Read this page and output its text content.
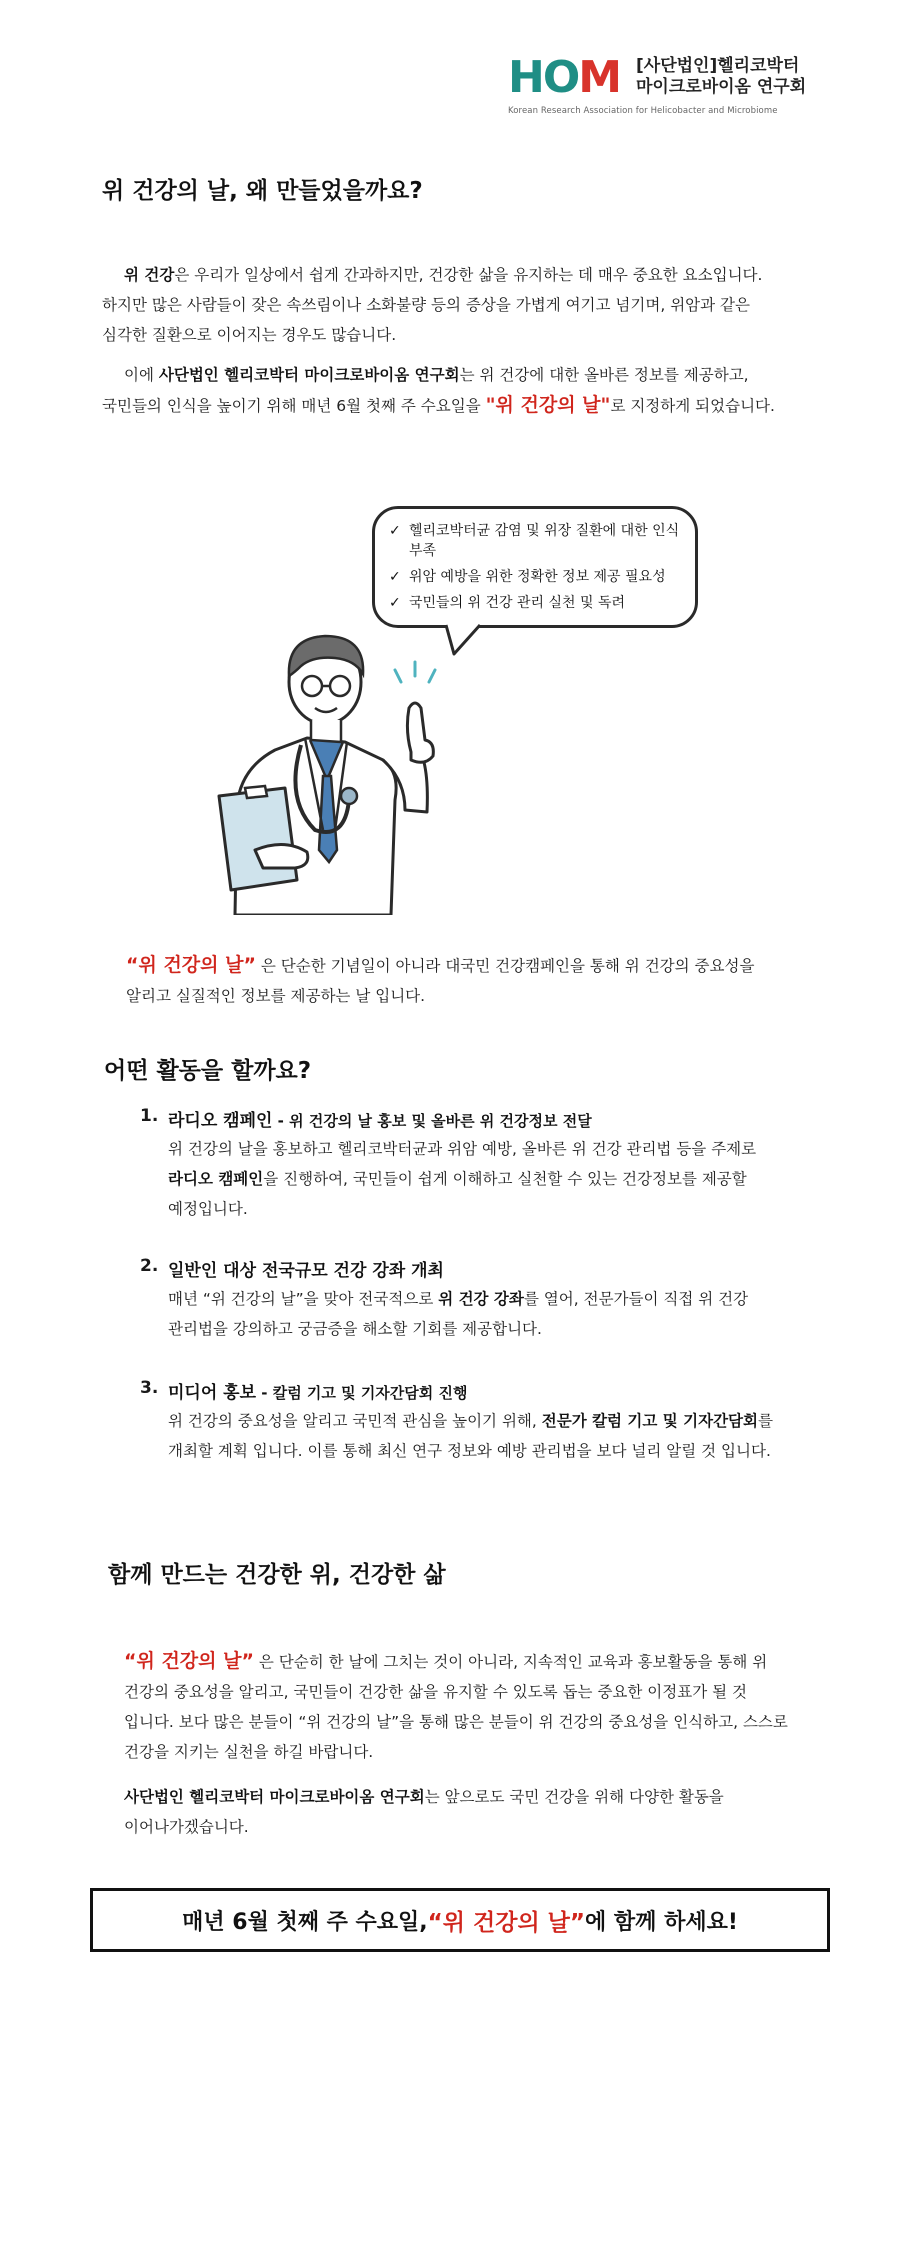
HOM [사단법인]헬리코박터
마이크로바이옴 연구회
Korean Research Association for Helicobacter and Microbiome
위 건강의 날, 왜 만들었을까요?
위 건강은 우리가 일상에서 쉽게 간과하지만, 건강한 삶을 유지하는 데 매우 중요한 요소입니다. 하지만 많은 사람들이 잦은 속쓰림이나 소화불량 등의 증상을 가볍게 여기고 넘기며, 위암과 같은 심각한 질환으로 이어지는 경우도 많습니다.
이에 사단법인 헬리코박터 마이크로바이옴 연구회는 위 건강에 대한 올바른 정보를 제공하고, 국민들의 인식을 높이기 위해 매년 6월 첫째 주 수요일을 "위 건강의 날"로 지정하게 되었습니다.
✓ 헬리코박터균 감염 및 위장 질환에 대한 인식 부족
✓ 위암 예방을 위한 정확한 정보 제공 필요성
✓ 국민들의 위 건강 관리 실천 및 독려
“위 건강의 날” 은 단순한 기념일이 아니라 대국민 건강캠페인을 통해 위 건강의 중요성을 알리고 실질적인 정보를 제공하는 날 입니다.
어떤 활동을 할까요?
1. 라디오 캠페인 - 위 건강의 날 홍보 및 올바른 위 건강정보 전달
위 건강의 날을 홍보하고 헬리코박터균과 위암 예방, 올바른 위 건강 관리법 등을 주제로 라디오 캠페인을 진행하여, 국민들이 쉽게 이해하고 실천할 수 있는 건강정보를 제공할 예정입니다.
2. 일반인 대상 전국규모 건강 강좌 개최
매년 “위 건강의 날”을 맞아 전국적으로 위 건강 강좌를 열어, 전문가들이 직접 위 건강 관리법을 강의하고 궁금증을 해소할 기회를 제공합니다.
3. 미디어 홍보 - 칼럼 기고 및 기자간담회 진행
위 건강의 중요성을 알리고 국민적 관심을 높이기 위해, 전문가 칼럼 기고 및 기자간담회를 개최할 계획 입니다. 이를 통해 최신 연구 정보와 예방 관리법을 보다 널리 알릴 것 입니다.
함께 만드는 건강한 위, 건강한 삶
“위 건강의 날” 은 단순히 한 날에 그치는 것이 아니라, 지속적인 교육과 홍보활동을 통해 위 건강의 중요성을 알리고, 국민들이 건강한 삶을 유지할 수 있도록 돕는 중요한 이정표가 될 것 입니다. 보다 많은 분들이 “위 건강의 날”을 통해 많은 분들이 위 건강의 중요성을 인식하고, 스스로 건강을 지키는 실천을 하길 바랍니다.
사단법인 헬리코박터 마이크로바이옴 연구회는 앞으로도 국민 건강을 위해 다양한 활동을 이어나가겠습니다.
매년 6월 첫째 주 수요일, “위 건강의 날” 에 함께 하세요!
